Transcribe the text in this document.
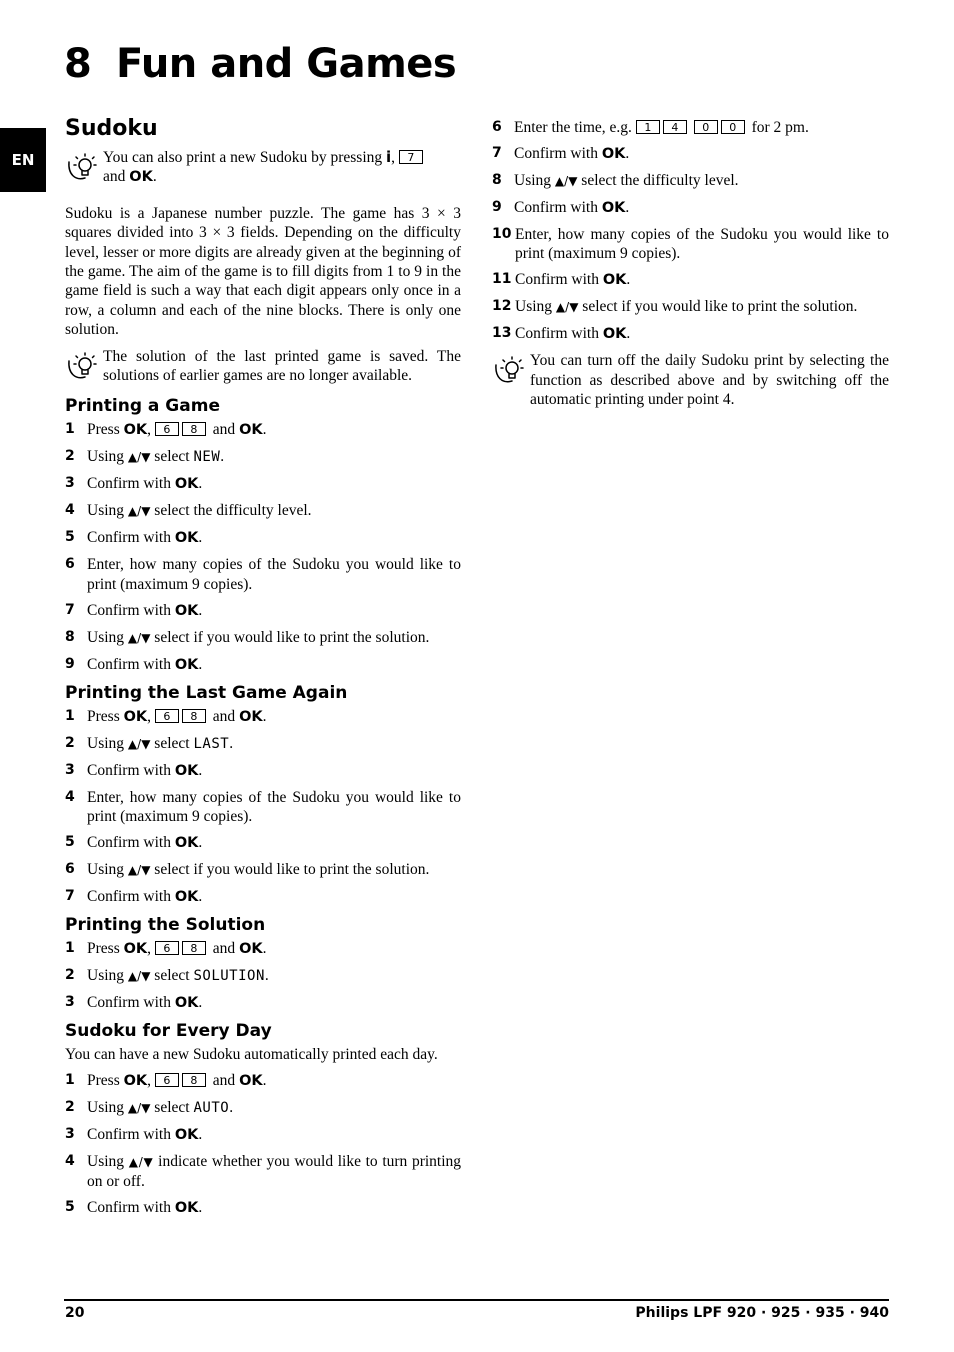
EN
8 Fun and Games
Sudoku
You can also print a new Sudoku by pressing i, 7
and OK.
Sudoku is a Japanese number puzzle. The game has 3 × 3 squares divided into 3 × 3 fields. Depending on the difficulty level, lesser or more digits are already given at the beginning of the game. The aim of the game is to fill digits from 1 to 9 in the game field is such a way that each digit appears only once in a row, a column and each of the nine blocks. There is only one solution.
The solution of the last printed game is saved. The solutions of earlier games are no longer available.
Printing a Game
1 Press OK, 6 8 and OK.
2 Using ▲/▼ select NEW.
3 Confirm with OK.
4 Using ▲/▼ select the difficulty level.
5 Confirm with OK.
6 Enter, how many copies of the Sudoku you would like to print (maximum 9 copies).
7 Confirm with OK.
8 Using ▲/▼ select if you would like to print the solution.
9 Confirm with OK.
Printing the Last Game Again
1 Press OK, 6 8 and OK.
2 Using ▲/▼ select LAST.
3 Confirm with OK.
4 Enter, how many copies of the Sudoku you would like to print (maximum 9 copies).
5 Confirm with OK.
6 Using ▲/▼ select if you would like to print the solution.
7 Confirm with OK.
Printing the Solution
1 Press OK, 6 8 and OK.
2 Using ▲/▼ select SOLUTION.
3 Confirm with OK.
Sudoku for Every Day
You can have a new Sudoku automatically printed each day.
1 Press OK, 6 8 and OK.
2 Using ▲/▼ select AUTO.
3 Confirm with OK.
4 Using ▲/▼ indicate whether you would like to turn printing on or off.
5 Confirm with OK.
6 Enter the time, e.g. 1 4 0 0 for 2 pm.
7 Confirm with OK.
8 Using ▲/▼ select the difficulty level.
9 Confirm with OK.
10 Enter, how many copies of the Sudoku you would like to print (maximum 9 copies).
11 Confirm with OK.
12 Using ▲/▼ select if you would like to print the solution.
13 Confirm with OK.
You can turn off the daily Sudoku print by selecting the function as described above and by switching off the automatic printing under point 4.
20	Philips LPF 920 · 925 · 935 · 940
